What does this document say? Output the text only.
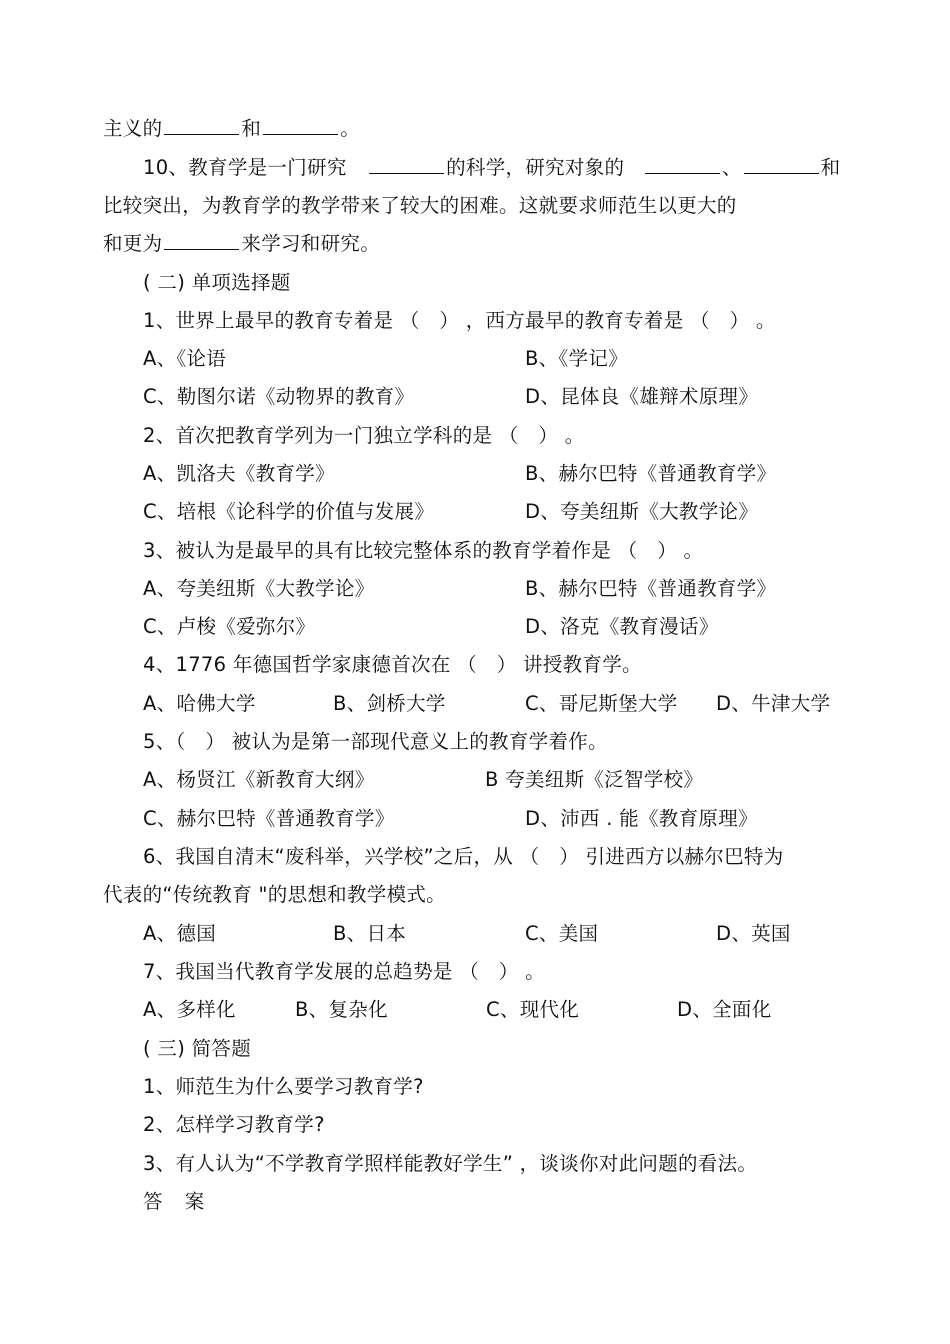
主义的	和	。
10、教育学是一门研究	的科学，研究对象的	、	和
比较突出，为教育学的教学带来了较大的困难。这就要求师范生以更大的
和更为	来学习和研究。
( 二) 单项选择题
1、世界上最早的教育专着是 （　） ，西方最早的教育专着是 （　） 。
A、《论语	B、《学记》
C、勒图尔诺《动物界的教育》	D、昆体良《雄辩术原理》
2、首次把教育学列为一门独立学科的是 （　） 。
A、凯洛夫《教育学》	B、赫尔巴特《普通教育学》
C、培根《论科学的价值与发展》	D、夸美纽斯《大教学论》
3、被认为是最早的具有比较完整体系的教育学着作是 （　） 。
A、夸美纽斯《大教学论》	B、赫尔巴特《普通教育学》
C、卢梭《爱弥尔》	D、洛克《教育漫话》
4、1776 年德国哲学家康德首次在 （　） 讲授教育学。
A、哈佛大学	B、剑桥大学	C、哥尼斯堡大学 D、牛津大学
5、（　） 被认为是第一部现代意义上的教育学着作。
A、杨贤江《新教育大纲》	B 夸美纽斯《泛智学校》
C、赫尔巴特《普通教育学》	D、沛西 . 能《教育原理》
6、我国自清末“废科举，兴学校”之后，从 （　） 引进西方以赫尔巴特为
代表的“传统教育 "的思想和教学模式。
A、德国	B、日本	C、美国	D、英国
7、我国当代教育学发展的总趋势是 （　） 。
A、多样化	B、复杂化	C、现代化	D、全面化
( 三) 简答题
1、师范生为什么要学习教育学?
2、怎样学习教育学?
3、有人认为“不学教育学照样能教好学生” ，谈谈你对此问题的看法。
答 案
